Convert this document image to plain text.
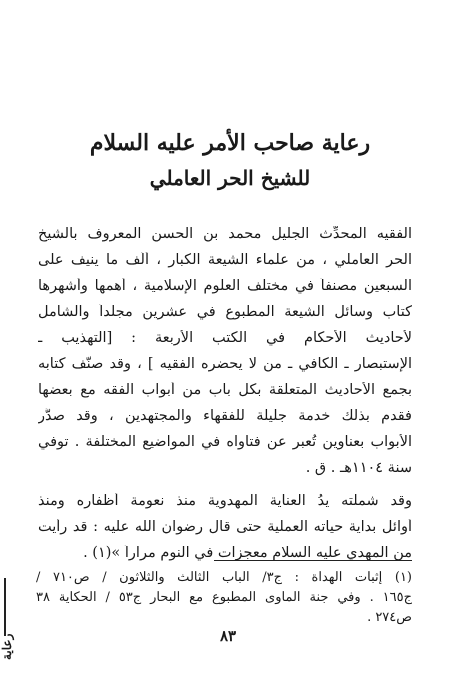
رعاية صاحب الأمر عليه السلام
للشيخ الحر العاملي
الفقيه المحدِّث الجليل محمد بن الحسن المعروف بالشيخ
الحر العاملي ، من علماء الشيعة الكبار ، ألَّف ما ينيف على
السبعين مصنفاً في مختلف العلوم الإسلامية ، أهمها وأشهرها
كتاب وسائل الشيعة المطبوع في عشرين مجلداً والشامل
لأحاديث الأحكام في الكتب الأربعة : [التهذيب ـ
الإستبصار ـ الكافي ـ من لا يحضره الفقيه ] ، وقد صنَّف كتابه
بجمع الأحاديث المتعلقة بكل باب من أبواب الفقه مع بعضها
فقدم بذلك خدمة جليلة للفقهاء والمجتهدين ، وقد صدَّر
الأبواب بعناوين تُعبر عن فتاواه في المواضيع المختلفة . توفي
سنة ١١٠٤هـ . ق .
وقد شملته يدُ العناية المهدوية منذ نعومة أظفاره ومنذ
أوائل بداية حياته العملية حتى قال رضوان الله عليه : قد رأيت
من المهدي عليه السلام معجزات في النوم مراراً »(١) .
(١) إثبات الهداة : ج٣/ الباب الثالث والثلاثون / ص٧١٠ /
ج١٦٥ . وفي جنة المأوى المطبوع مع البحار ج٥٣ / الحكاية ٣٨
ص٢٧٤ .
٨٣
رعاية
